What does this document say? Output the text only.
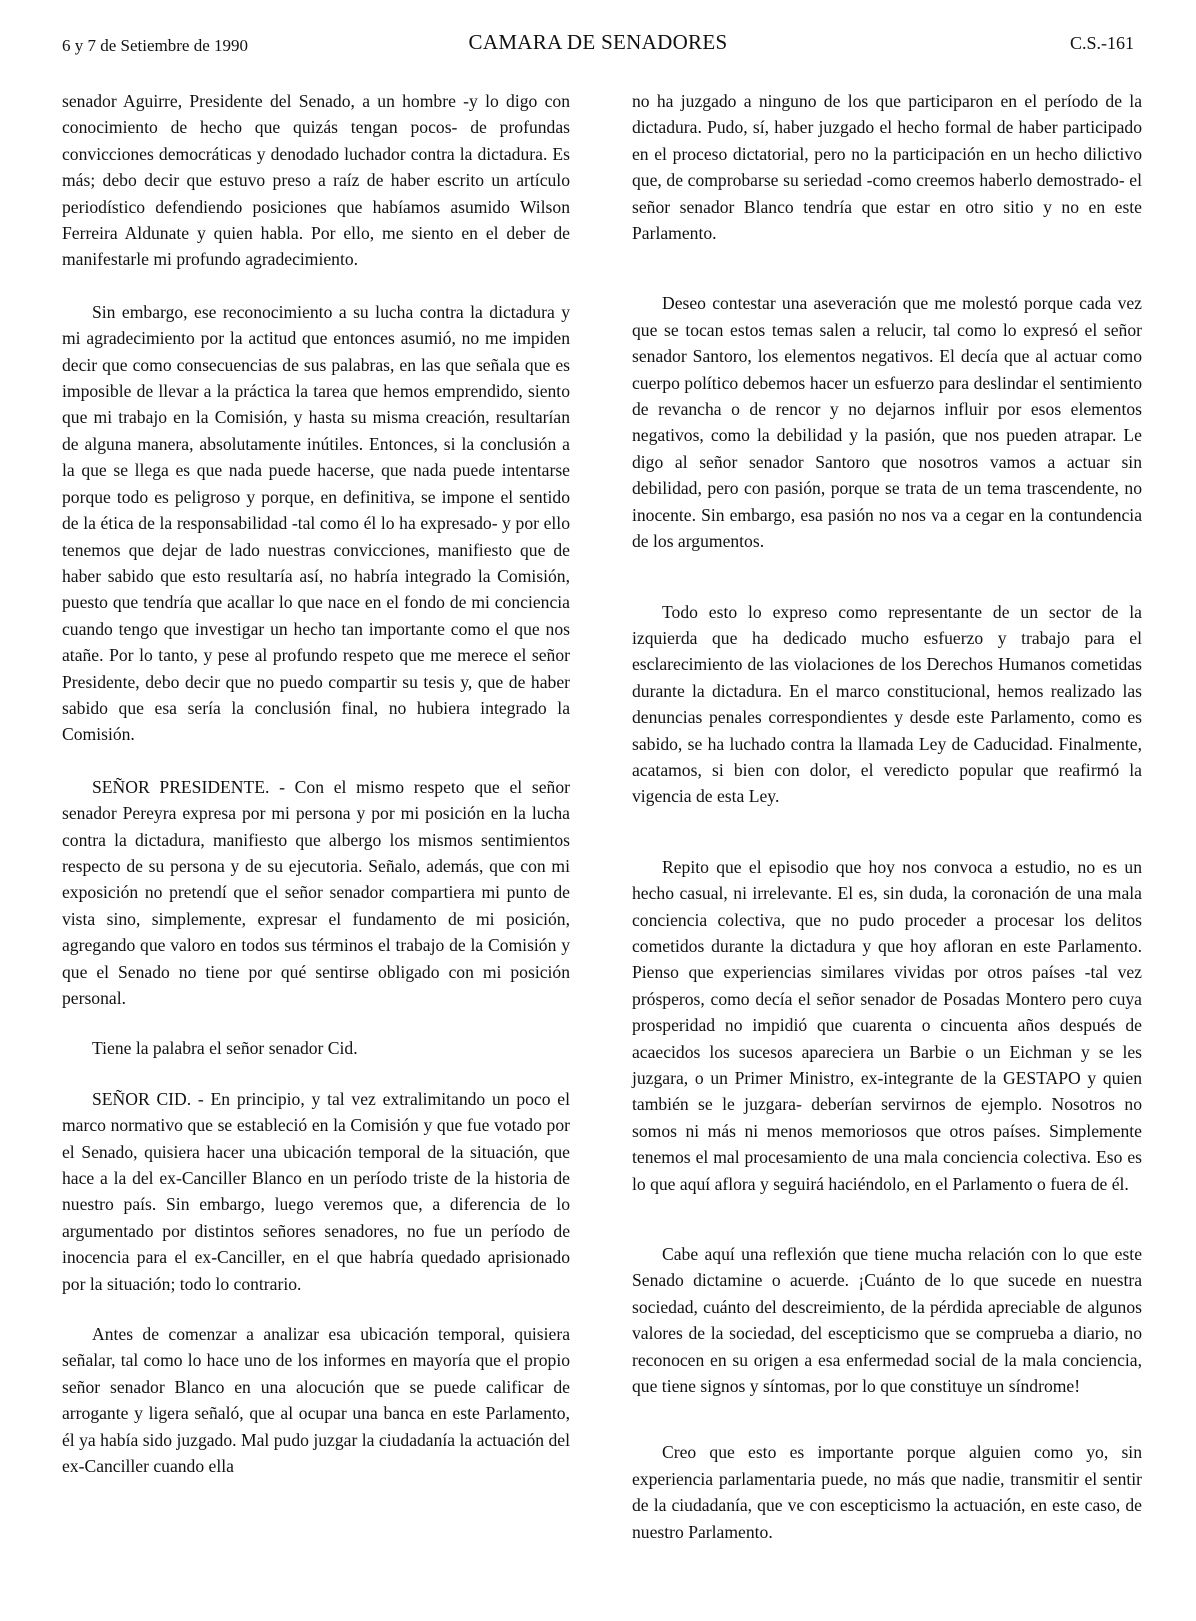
6 y 7 de Setiembre de 1990	CAMARA DE SENADORES	C.S.-161

senador Aguirre, Presidente del Senado, a un hombre -y lo digo con conocimiento de hecho que quizás tengan pocos- de profundas convicciones democráticas y denodado luchador contra la dictadura. Es más; debo decir que estuvo preso a raíz de haber escrito un artículo periodístico defendiendo posiciones que habíamos asumido Wilson Ferreira Aldunate y quien habla. Por ello, me siento en el deber de manifestarle mi profundo agradecimiento.

Sin embargo, ese reconocimiento a su lucha contra la dictadura y mi agradecimiento por la actitud que entonces asumió, no me impiden decir que como consecuencias de sus palabras, en las que señala que es imposible de llevar a la práctica la tarea que hemos emprendido, siento que mi trabajo en la Comisión, y hasta su misma creación, resultarían de alguna manera, absolutamente inútiles. Entonces, si la conclusión a la que se llega es que nada puede hacerse, que nada puede intentarse porque todo es peligroso y porque, en definitiva, se impone el sentido de la ética de la responsabilidad -tal como él lo ha expresado- y por ello tenemos que dejar de lado nuestras convicciones, manifiesto que de haber sabido que esto resultaría así, no habría integrado la Comisión, puesto que tendría que acallar lo que nace en el fondo de mi conciencia cuando tengo que investigar un hecho tan importante como el que nos atañe. Por lo tanto, y pese al profundo respeto que me merece el señor Presidente, debo decir que no puedo compartir su tesis y, que de haber sabido que esa sería la conclusión final, no hubiera integrado la Comisión.

SEÑOR PRESIDENTE. - Con el mismo respeto que el señor senador Pereyra expresa por mi persona y por mi posición en la lucha contra la dictadura, manifiesto que albergo los mismos sentimientos respecto de su persona y de su ejecutoria. Señalo, además, que con mi exposición no pretendí que el señor senador compartiera mi punto de vista sino, simplemente, expresar el fundamento de mi posición, agregando que valoro en todos sus términos el trabajo de la Comisión y que el Senado no tiene por qué sentirse obligado con mi posición personal.

Tiene la palabra el señor senador Cid.

SEÑOR CID. - En principio, y tal vez extralimitando un poco el marco normativo que se estableció en la Comisión y que fue votado por el Senado, quisiera hacer una ubicación temporal de la situación, que hace a la del ex-Canciller Blanco en un período triste de la historia de nuestro país. Sin embargo, luego veremos que, a diferencia de lo argumentado por distintos señores senadores, no fue un período de inocencia para el ex-Canciller, en el que habría quedado aprisionado por la situación; todo lo contrario.

Antes de comenzar a analizar esa ubicación temporal, quisiera señalar, tal como lo hace uno de los informes en mayoría que el propio señor senador Blanco en una alocución que se puede calificar de arrogante y ligera señaló, que al ocupar una banca en este Parlamento, él ya había sido juzgado. Mal pudo juzgar la ciudadanía la actuación del ex-Canciller cuando ella

no ha juzgado a ninguno de los que participaron en el período de la dictadura. Pudo, sí, haber juzgado el hecho formal de haber participado en el proceso dictatorial, pero no la participación en un hecho dilictivo que, de comprobarse su seriedad -como creemos haberlo demostrado- el señor senador Blanco tendría que estar en otro sitio y no en este Parlamento.

Deseo contestar una aseveración que me molestó porque cada vez que se tocan estos temas salen a relucir, tal como lo expresó el señor senador Santoro, los elementos negativos. El decía que al actuar como cuerpo político debemos hacer un esfuerzo para deslindar el sentimiento de revancha o de rencor y no dejarnos influir por esos elementos negativos, como la debilidad y la pasión, que nos pueden atrapar. Le digo al señor senador Santoro que nosotros vamos a actuar sin debilidad, pero con pasión, porque se trata de un tema trascendente, no inocente. Sin embargo, esa pasión no nos va a cegar en la contundencia de los argumentos.

Todo esto lo expreso como representante de un sector de la izquierda que ha dedicado mucho esfuerzo y trabajo para el esclarecimiento de las violaciones de los Derechos Humanos cometidas durante la dictadura. En el marco constitucional, hemos realizado las denuncias penales correspondientes y desde este Parlamento, como es sabido, se ha luchado contra la llamada Ley de Caducidad. Finalmente, acatamos, si bien con dolor, el veredicto popular que reafirmó la vigencia de esta Ley.

Repito que el episodio que hoy nos convoca a estudio, no es un hecho casual, ni irrelevante. El es, sin duda, la coronación de una mala conciencia colectiva, que no pudo proceder a procesar los delitos cometidos durante la dictadura y que hoy afloran en este Parlamento. Pienso que experiencias similares vividas por otros países -tal vez prósperos, como decía el señor senador de Posadas Montero pero cuya prosperidad no impidió que cuarenta o cincuenta años después de acaecidos los sucesos apareciera un Barbie o un Eichman y se les juzgara, o un Primer Ministro, ex-integrante de la GESTAPO y quien también se le juzgara- deberían servirnos de ejemplo. Nosotros no somos ni más ni menos memoriosos que otros países. Simplemente tenemos el mal procesamiento de una mala conciencia colectiva. Eso es lo que aquí aflora y seguirá haciéndolo, en el Parlamento o fuera de él.

Cabe aquí una reflexión que tiene mucha relación con lo que este Senado dictamine o acuerde. ¡Cuánto de lo que sucede en nuestra sociedad, cuánto del descreimiento, de la pérdida apreciable de algunos valores de la sociedad, del escepticismo que se comprueba a diario, no reconocen en su origen a esa enfermedad social de la mala conciencia, que tiene signos y síntomas, por lo que constituye un síndrome!

Creo que esto es importante porque alguien como yo, sin experiencia parlamentaria puede, no más que nadie, transmitir el sentir de la ciudadanía, que ve con escepticismo la actuación, en este caso, de nuestro Parlamento.
